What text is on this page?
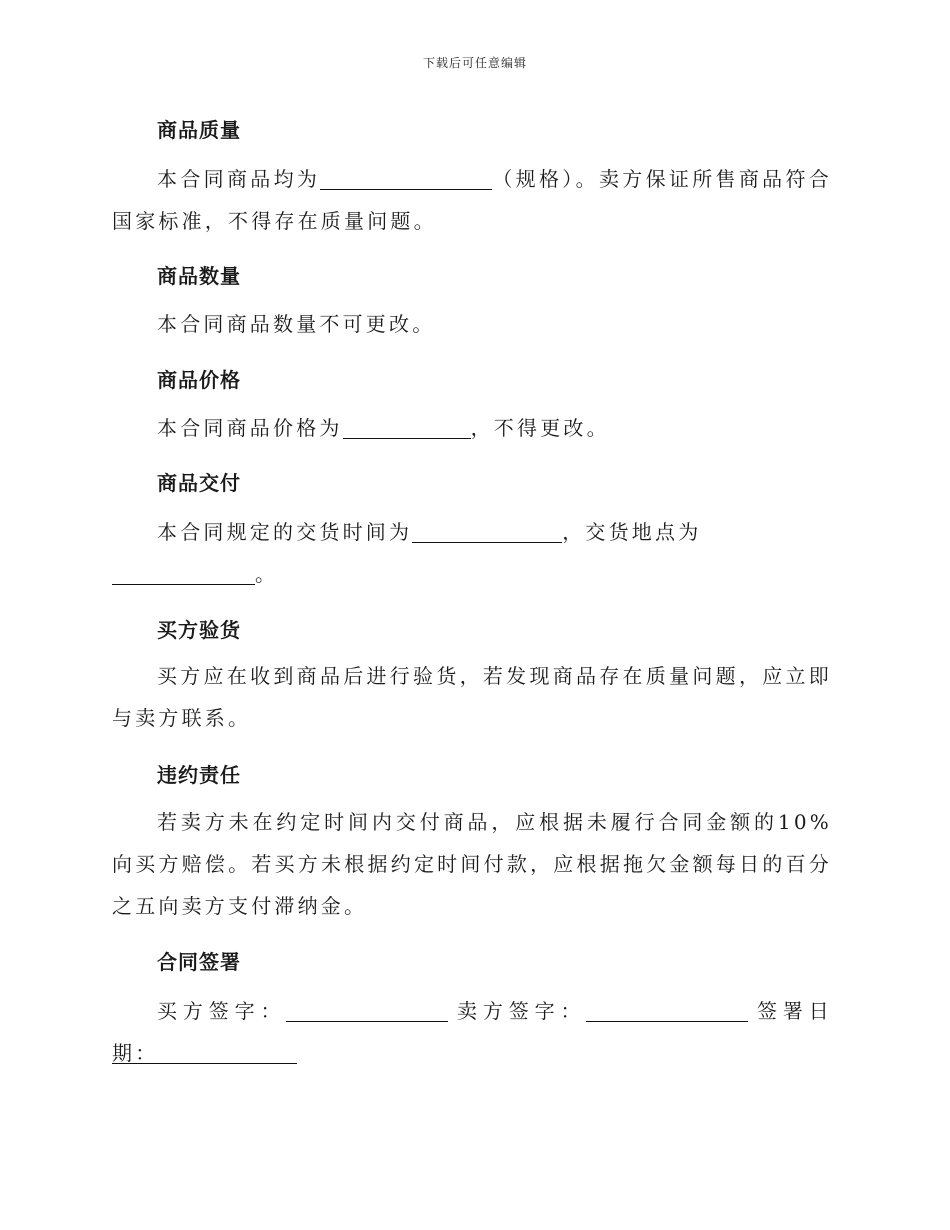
下载后可任意编辑
商品质量
本合同商品均为	（规格）。卖方保证所售商品符合国家标准，不得存在质量问题。
商品数量
本合同商品数量不可更改。
商品价格
本合同商品价格为	，不得更改。
商品交付
本合同规定的交货时间为	，交货地点为
。
买方验货
买方应在收到商品后进行验货，若发现商品存在质量问题，应立即与卖方联系。
违约责任
若卖方未在约定时间内交付商品，应根据未履行合同金额的10%向买方赔偿。若买方未根据约定时间付款，应根据拖欠金额每日的百分之五向卖方支付滞纳金。
合同签署
买方签字：	卖方签字：	签署日期：
